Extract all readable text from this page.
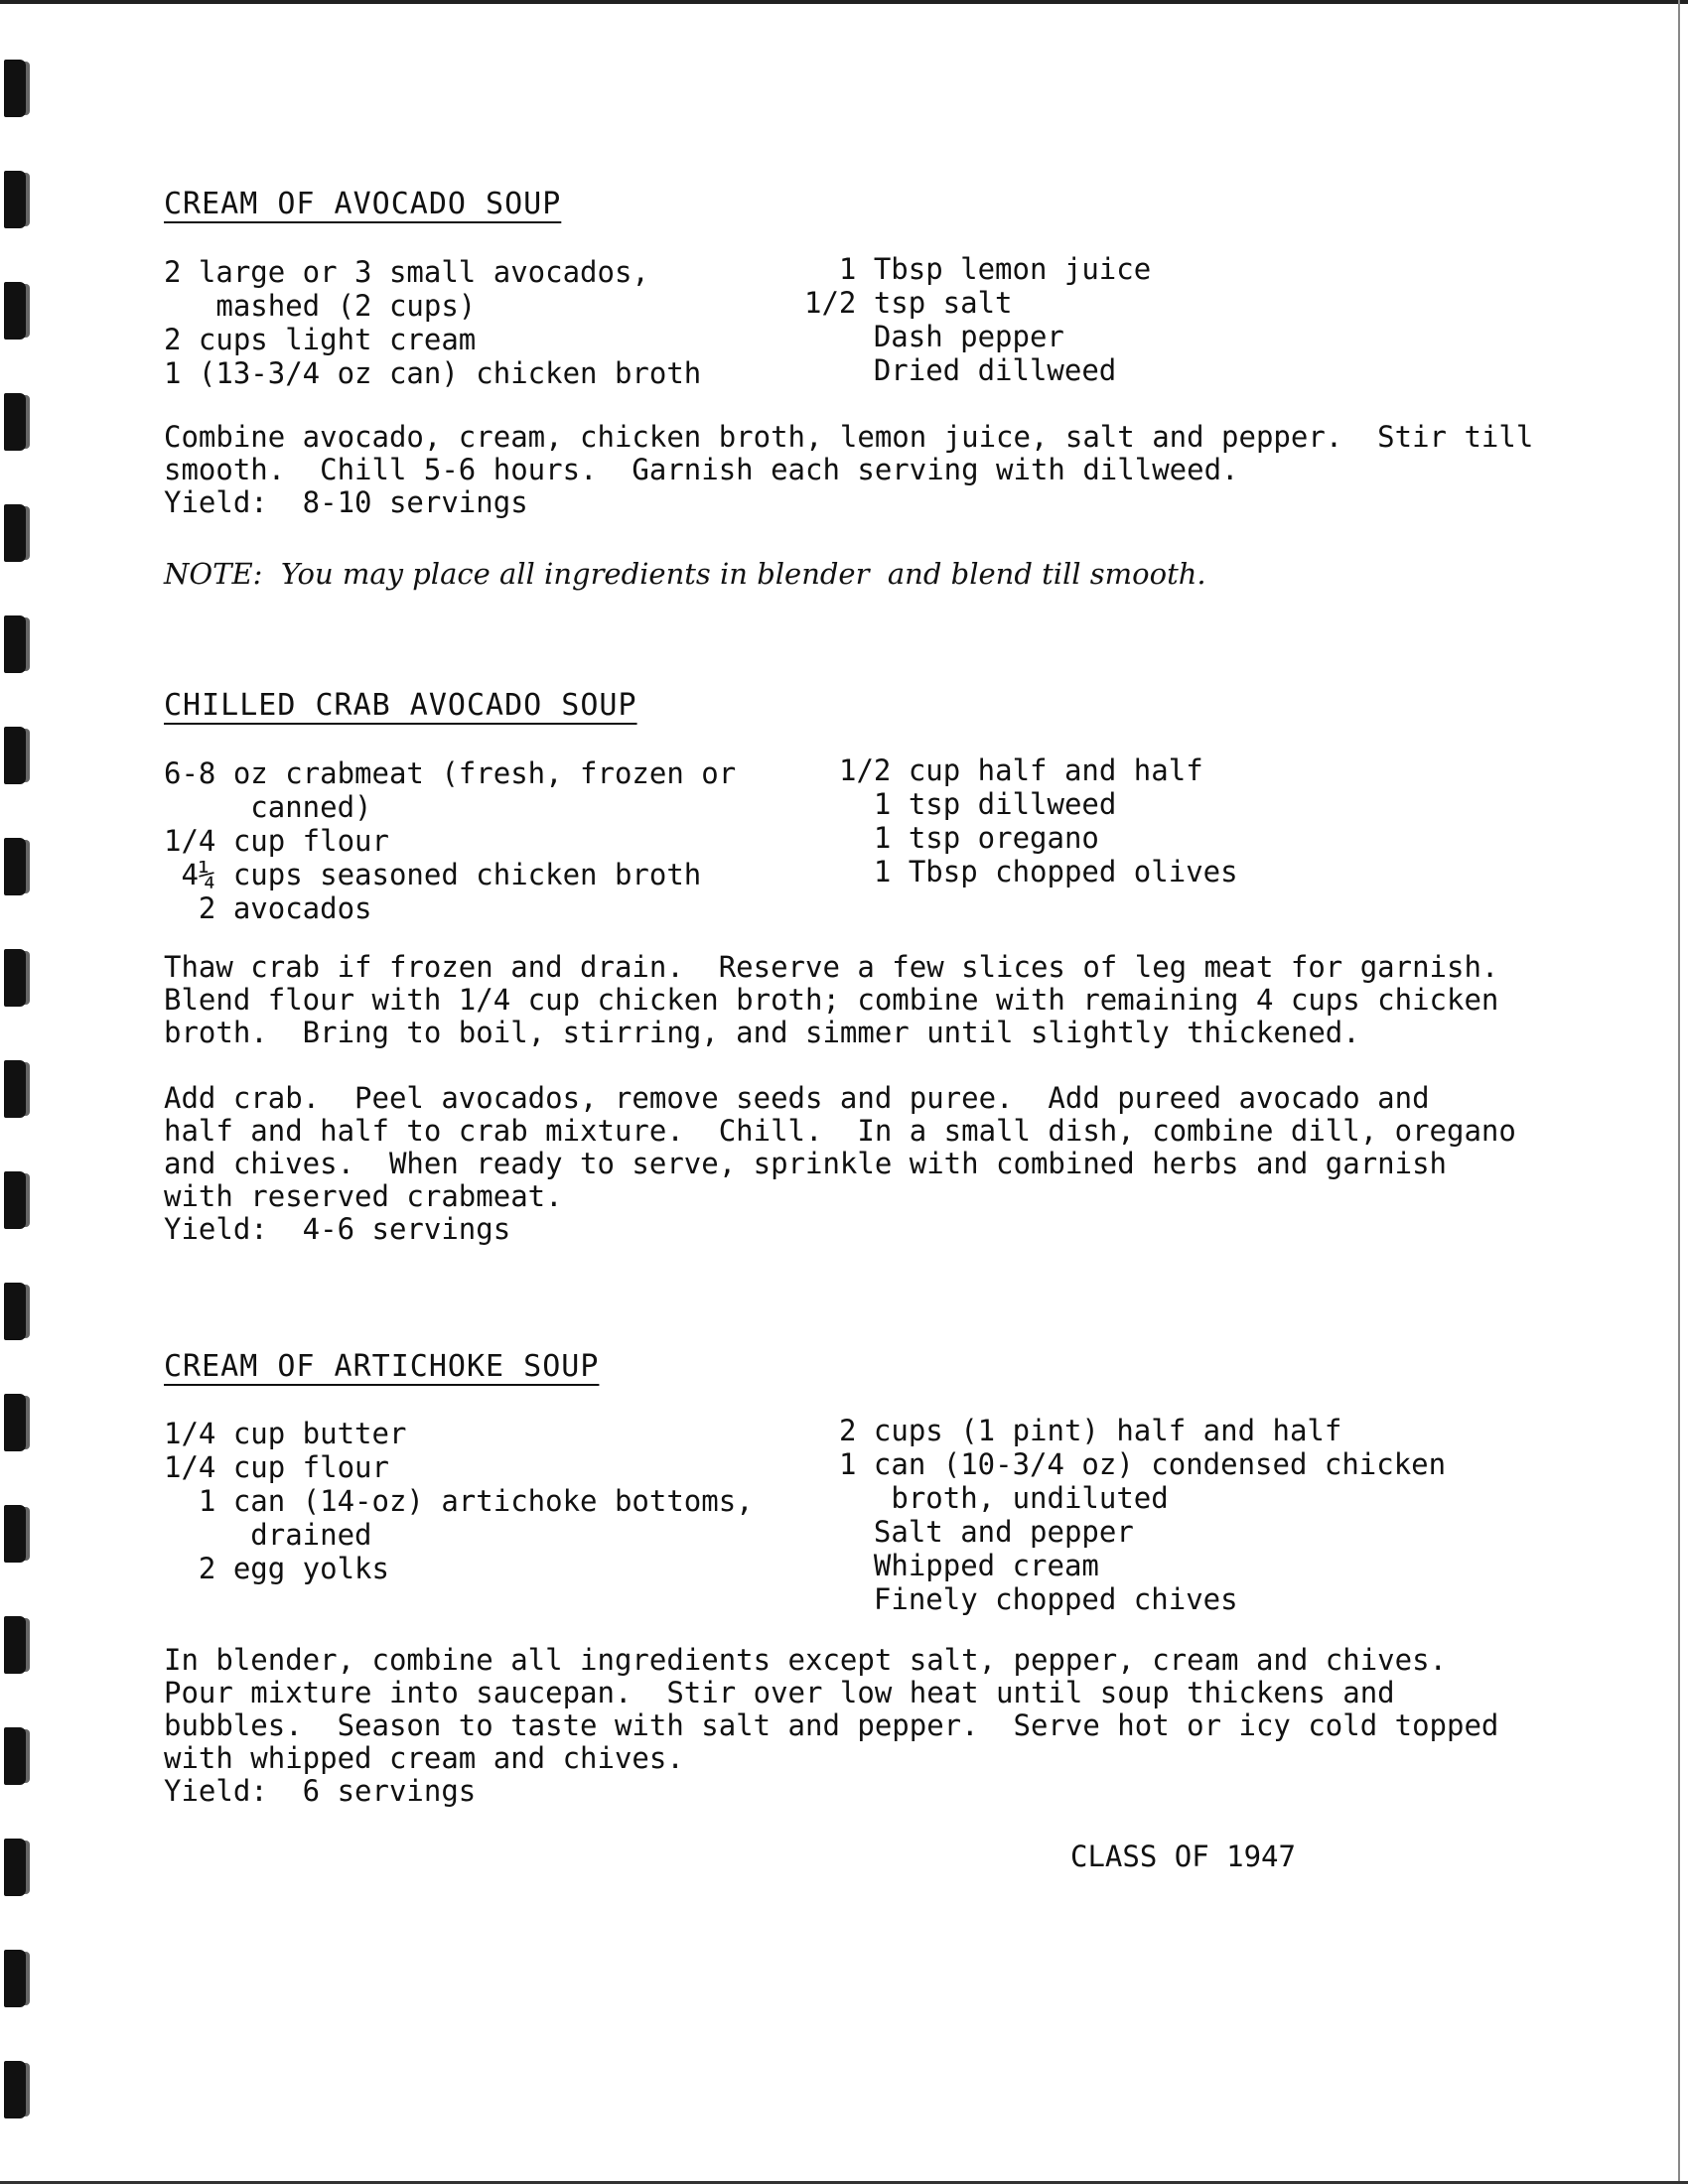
CREAM OF AVOCADO SOUP
2 large or 3 small avocados,
mashed (2 cups)
2 cups light cream
1 (13-3/4 oz can) chicken broth
1 Tbsp lemon juice
1/2 tsp salt
Dash pepper
Dried dillweed
Combine avocado, cream, chicken broth, lemon juice, salt and pepper.  Stir till
smooth.  Chill 5-6 hours.  Garnish each serving with dillweed.
Yield:  8-10 servings
NOTE:  You may place all ingredients in blender  and blend till smooth.
CHILLED CRAB AVOCADO SOUP
6-8 oz crabmeat (fresh, frozen or
canned)
1/4 cup flour
4¼ cups seasoned chicken broth
2 avocados
1/2 cup half and half
1 tsp dillweed
1 tsp oregano
1 Tbsp chopped olives
Thaw crab if frozen and drain.  Reserve a few slices of leg meat for garnish.
Blend flour with 1/4 cup chicken broth; combine with remaining 4 cups chicken
broth.  Bring to boil, stirring, and simmer until slightly thickened.
Add crab.  Peel avocados, remove seeds and puree.  Add pureed avocado and
half and half to crab mixture.  Chill.  In a small dish, combine dill, oregano
and chives.  When ready to serve, sprinkle with combined herbs and garnish
with reserved crabmeat.
Yield:  4-6 servings
CREAM OF ARTICHOKE SOUP
1/4 cup butter
1/4 cup flour
1 can (14-oz) artichoke bottoms,
drained
2 egg yolks
2 cups (1 pint) half and half
1 can (10-3/4 oz) condensed chicken
broth, undiluted
Salt and pepper
Whipped cream
Finely chopped chives
In blender, combine all ingredients except salt, pepper, cream and chives.
Pour mixture into saucepan.  Stir over low heat until soup thickens and
bubbles.  Season to taste with salt and pepper.  Serve hot or icy cold topped
with whipped cream and chives.
Yield:  6 servings
CLASS OF 1947
